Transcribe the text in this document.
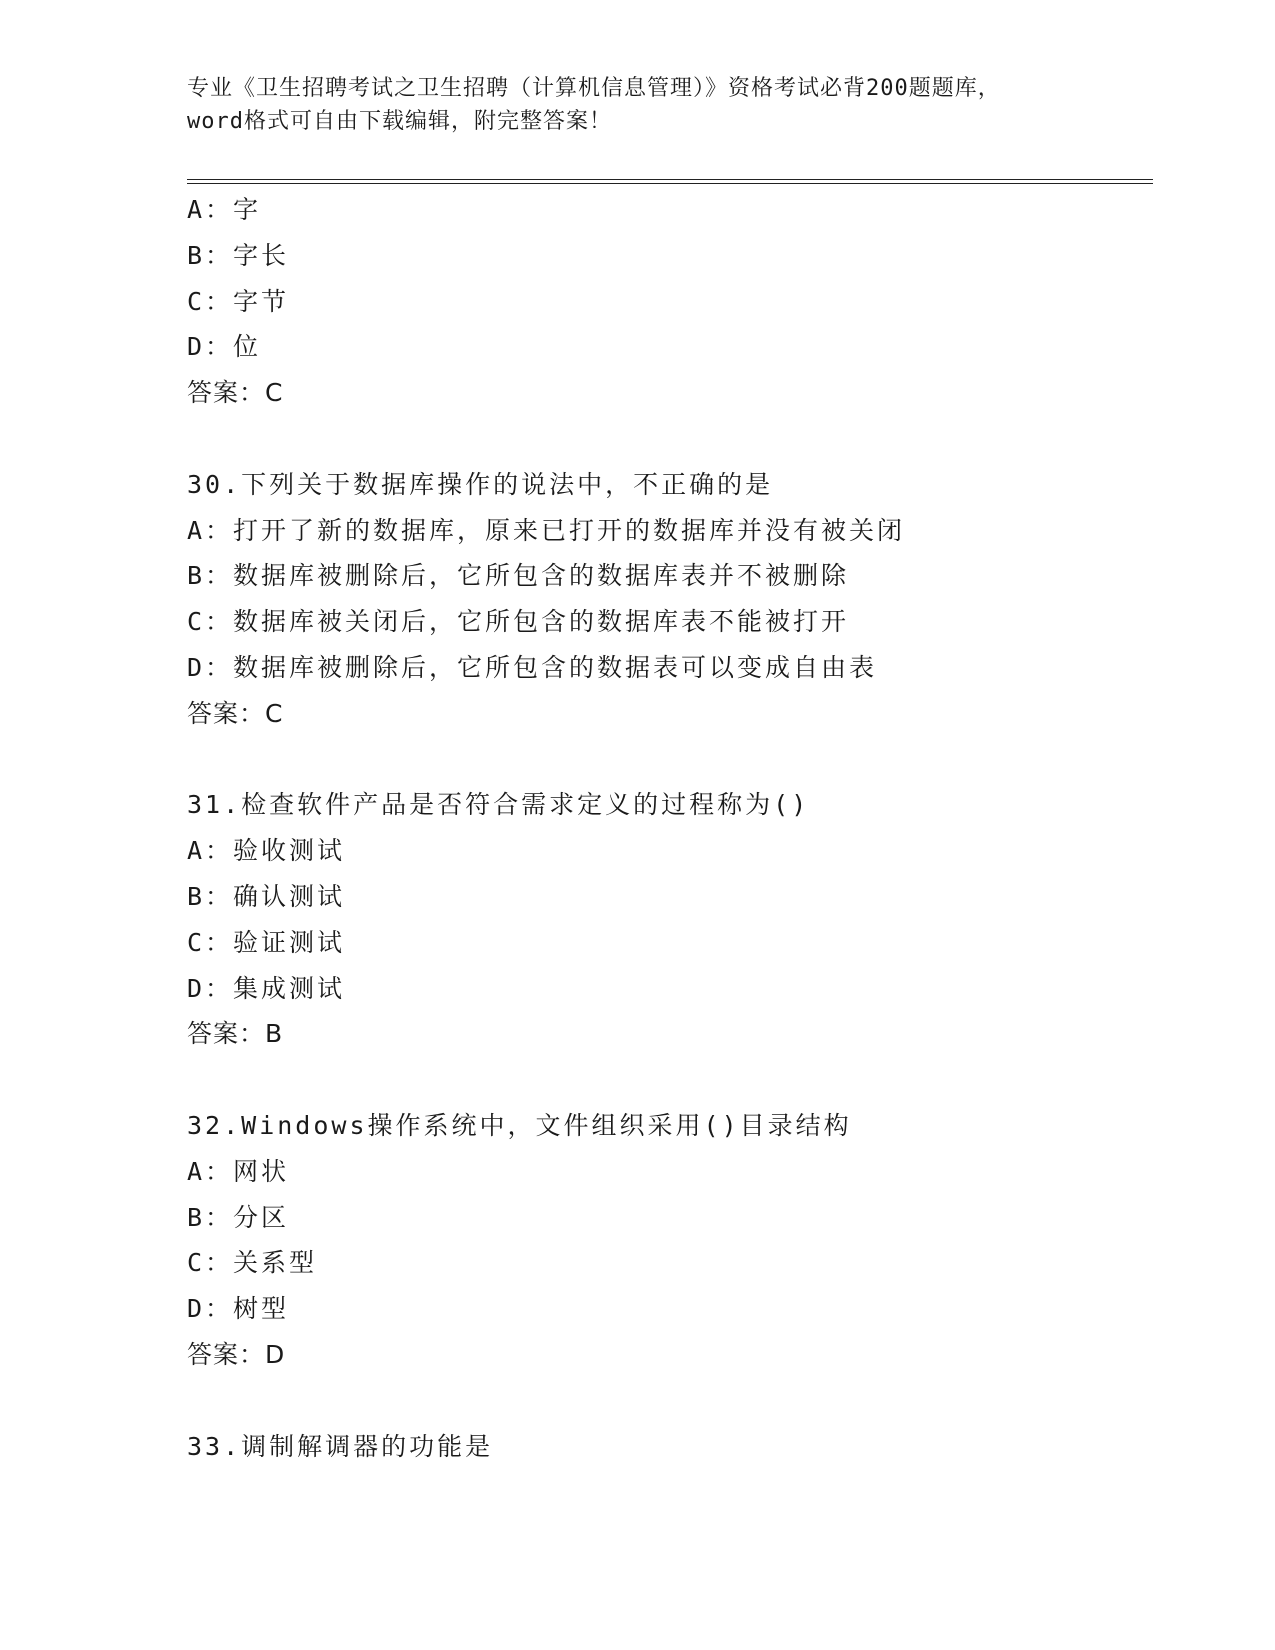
专业《卫生招聘考试之卫生招聘（计算机信息管理）》资格考试必背200题题库，
word格式可自由下载编辑，附完整答案！
A：字
B：字长
C：字节
D：位
答案：C
30.下列关于数据库操作的说法中，不正确的是
A：打开了新的数据库，原来已打开的数据库并没有被关闭
B：数据库被删除后，它所包含的数据库表并不被删除
C：数据库被关闭后，它所包含的数据库表不能被打开
D：数据库被删除后，它所包含的数据表可以变成自由表
答案：C
31.检查软件产品是否符合需求定义的过程称为()
A：验收测试
B：确认测试
C：验证测试
D：集成测试
答案：B
32.Windows操作系统中，文件组织采用()目录结构
A：网状
B：分区
C：关系型
D：树型
答案：D
33.调制解调器的功能是
